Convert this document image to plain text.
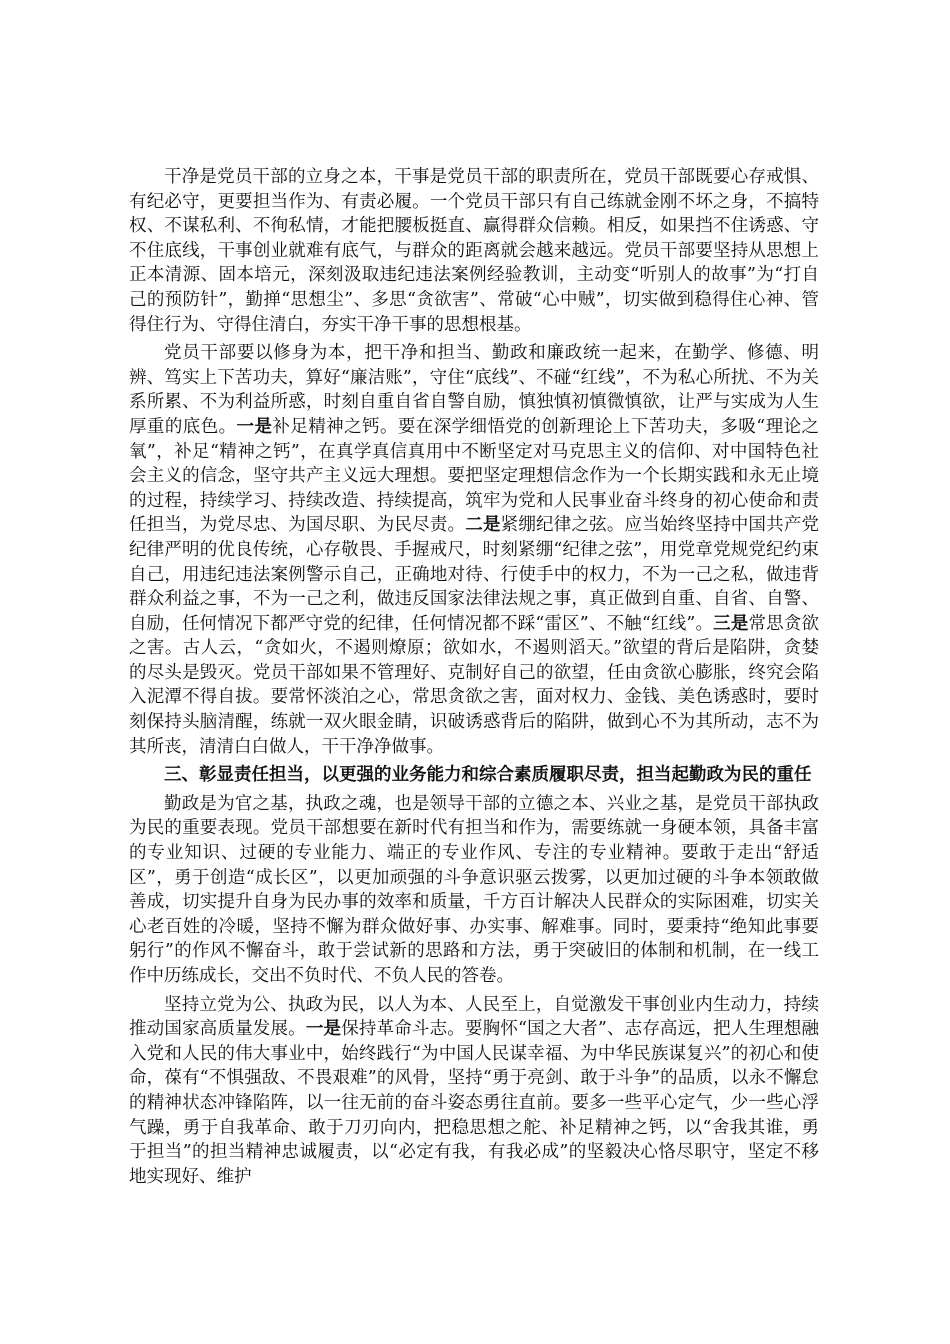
干净是党员干部的立身之本，干事是党员干部的职责所在，党员干部既要心存戒惧、有纪必守，更要担当作为、有责必履。一个党员干部只有自己练就金刚不坏之身，不搞特权、不谋私利、不徇私情，才能把腰板挺直、赢得群众信赖。相反，如果挡不住诱惑、守不住底线，干事创业就难有底气，与群众的距离就会越来越远。党员干部要坚持从思想上正本清源、固本培元，深刻汲取违纪违法案例经验教训，主动变“听别人的故事”为“打自己的预防针”，勤掸“思想尘”、多思“贪欲害”、常破“心中贼”，切实做到稳得住心神、管得住行为、守得住清白，夯实干净干事的思想根基。

党员干部要以修身为本，把干净和担当、勤政和廉政统一起来，在勤学、修德、明辨、笃实上下苦功夫，算好“廉洁账”，守住“底线”、不碰“红线”，不为私心所扰、不为关系所累、不为利益所惑，时刻自重自省自警自励，慎独慎初慎微慎欲，让严与实成为人生厚重的底色。一是补足精神之钙。要在深学细悟党的创新理论上下苦功夫，多吸“理论之氧”，补足“精神之钙”，在真学真信真用中不断坚定对马克思主义的信仰、对中国特色社会主义的信念，坚守共产主义远大理想。要把坚定理想信念作为一个长期实践和永无止境的过程，持续学习、持续改造、持续提高，筑牢为党和人民事业奋斗终身的初心使命和责任担当，为党尽忠、为国尽职、为民尽责。二是紧绷纪律之弦。应当始终坚持中国共产党纪律严明的优良传统，心存敬畏、手握戒尺，时刻紧绷“纪律之弦”，用党章党规党纪约束自己，用违纪违法案例警示自己，正确地对待、行使手中的权力，不为一己之私，做违背群众利益之事，不为一己之利，做违反国家法律法规之事，真正做到自重、自省、自警、自励，任何情况下都严守党的纪律，任何情况都不踩“雷区”、不触“红线”。三是常思贪欲之害。古人云，“贪如火，不遏则燎原；欲如水，不遏则滔天。”欲望的背后是陷阱，贪婪的尽头是毁灭。党员干部如果不管理好、克制好自己的欲望，任由贪欲心膨胀，终究会陷入泥潭不得自拔。要常怀淡泊之心，常思贪欲之害，面对权力、金钱、美色诱惑时，要时刻保持头脑清醒，练就一双火眼金睛，识破诱惑背后的陷阱，做到心不为其所动，志不为其所丧，清清白白做人，干干净净做事。

三、彰显责任担当，以更强的业务能力和综合素质履职尽责，担当起勤政为民的重任

勤政是为官之基，执政之魂，也是领导干部的立德之本、兴业之基，是党员干部执政为民的重要表现。党员干部想要在新时代有担当和作为，需要练就一身硬本领，具备丰富的专业知识、过硬的专业能力、端正的专业作风、专注的专业精神。要敢于走出“舒适区”，勇于创造“成长区”，以更加顽强的斗争意识驱云拨雾，以更加过硬的斗争本领敢做善成，切实提升自身为民办事的效率和质量，千方百计解决人民群众的实际困难，切实关心老百姓的冷暖，坚持不懈为群众做好事、办实事、解难事。同时，要秉持“绝知此事要躬行”的作风不懈奋斗，敢于尝试新的思路和方法，勇于突破旧的体制和机制，在一线工作中历练成长，交出不负时代、不负人民的答卷。

坚持立党为公、执政为民，以人为本、人民至上，自觉激发干事创业内生动力，持续推动国家高质量发展。一是保持革命斗志。要胸怀“国之大者”、志存高远，把人生理想融入党和人民的伟大事业中，始终践行“为中国人民谋幸福、为中华民族谋复兴”的初心和使命，葆有“不惧强敌、不畏艰难”的风骨，坚持“勇于亮剑、敢于斗争”的品质，以永不懈怠的精神状态冲锋陷阵，以一往无前的奋斗姿态勇往直前。要多一些平心定气，少一些心浮气躁，勇于自我革命、敢于刀刃向内，把稳思想之舵、补足精神之钙，以“舍我其谁，勇于担当”的担当精神忠诚履责，以“必定有我，有我必成”的坚毅决心恪尽职守，坚定不移地实现好、维护
